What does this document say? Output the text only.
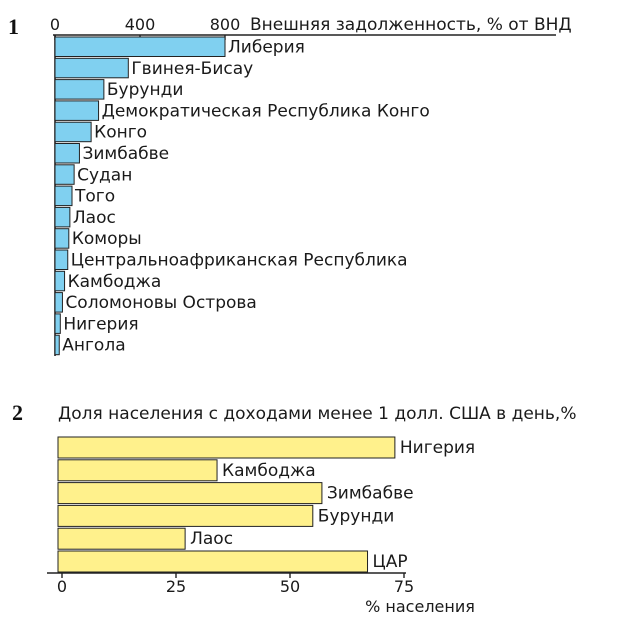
1	Внешняя задолженность, % от ВНД
0	400	800
Либерия
Гвинея-Бисау
Бурунди
Демократическая Республика Конго
Конго
Зимбабве
Судан
Того
Лаос
Коморы
Центральноафриканская Республика
Камбоджа
Соломоновы Острова
Нигерия
Ангола
2 Доля населения с доходами менее 1 долл. США в день,%
0	25	50	75
% населения
Нигерия
Камбоджа
Зимбабве
Бурунди
Лаос
ЦАР
